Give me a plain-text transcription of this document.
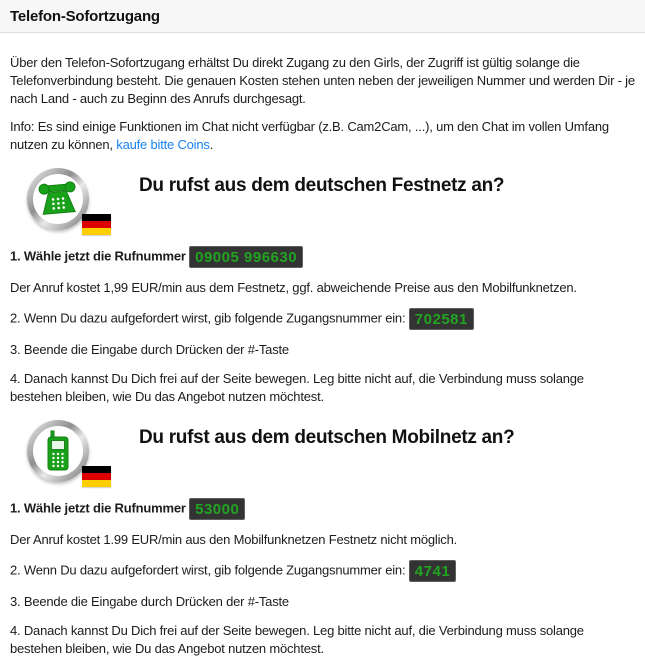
Telefon-Sofortzugang

Über den Telefon-Sofortzugang erhältst Du direkt Zugang zu den Girls, der Zugriff ist gültig solange die Telefonverbindung besteht. Die genauen Kosten stehen unten neben der jeweiligen Nummer und werden Dir - je nach Land - auch zu Beginn des Anrufs durchgesagt.

Info: Es sind einige Funktionen im Chat nicht verfügbar (z.B. Cam2Cam, ...), um den Chat im vollen Umfang nutzen zu können, kaufe bitte Coins.

Du rufst aus dem deutschen Festnetz an?

1. Wähle jetzt die Rufnummer 09005 996630

Der Anruf kostet 1,99 EUR/min aus dem Festnetz, ggf. abweichende Preise aus den Mobilfunknetzen.

2. Wenn Du dazu aufgefordert wirst, gib folgende Zugangsnummer ein: 702581

3. Beende die Eingabe durch Drücken der #-Taste

4. Danach kannst Du Dich frei auf der Seite bewegen. Leg bitte nicht auf, die Verbindung muss solange bestehen bleiben, wie Du das Angebot nutzen möchtest.

Du rufst aus dem deutschen Mobilnetz an?

1. Wähle jetzt die Rufnummer 53000

Der Anruf kostet 1.99 EUR/min aus den Mobilfunknetzen Festnetz nicht möglich.

2. Wenn Du dazu aufgefordert wirst, gib folgende Zugangsnummer ein: 4741

3. Beende die Eingabe durch Drücken der #-Taste

4. Danach kannst Du Dich frei auf der Seite bewegen. Leg bitte nicht auf, die Verbindung muss solange bestehen bleiben, wie Du das Angebot nutzen möchtest.
